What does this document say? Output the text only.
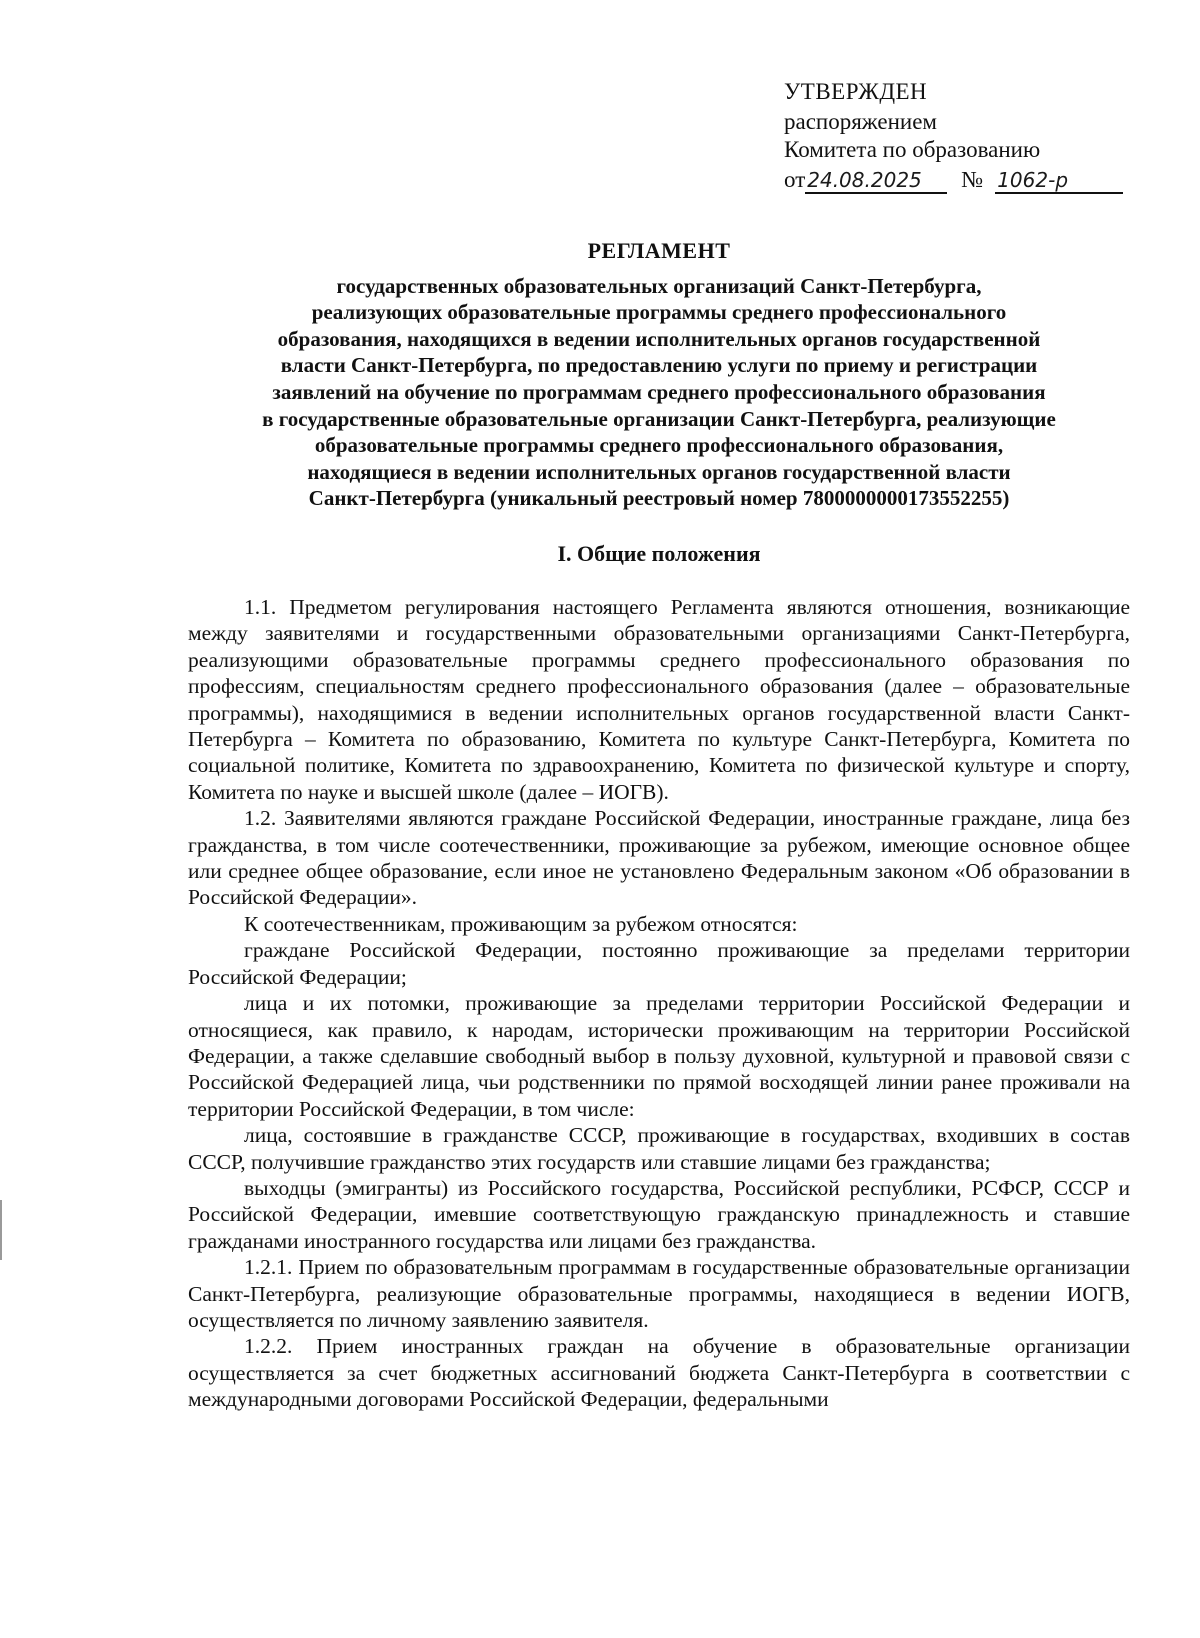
УТВЕРЖДЕН
распоряжением
Комитета по образованию
от 24.08.2025	№ 1062-р
РЕГЛАМЕНТ
государственных образовательных организаций Санкт-Петербурга,
реализующих образовательные программы среднего профессионального
образования, находящихся в ведении исполнительных органов государственной
власти Санкт-Петербурга, по предоставлению услуги по приему и регистрации
заявлений на обучение по программам среднего профессионального образования
в государственные образовательные организации Санкт-Петербурга, реализующие
образовательные программы среднего профессионального образования,
находящиеся в ведении исполнительных органов государственной власти
Санкт-Петербурга (уникальный реестровый номер 7800000000173552255)
I. Общие положения

1.1. Предметом регулирования настоящего Регламента являются отношения, возникающие между заявителями и государственными образовательными организациями Санкт-Петербурга, реализующими образовательные программы среднего профессионального образования по профессиям, специальностям среднего профессионального образования (далее – образовательные программы), находящимися в ведении исполнительных органов государственной власти Санкт-Петербурга – Комитета по образованию, Комитета по культуре Санкт-Петербурга, Комитета по социальной политике, Комитета по здравоохранению, Комитета по физической культуре и спорту, Комитета по науке и высшей школе (далее – ИОГВ).

1.2. Заявителями являются граждане Российской Федерации, иностранные граждане, лица без гражданства, в том числе соотечественники, проживающие за рубежом, имеющие основное общее или среднее общее образование, если иное не установлено Федеральным законом «Об образовании в Российской Федерации».

К соотечественникам, проживающим за рубежом относятся:

граждане Российской Федерации, постоянно проживающие за пределами территории Российской Федерации;

лица и их потомки, проживающие за пределами территории Российской Федерации и относящиеся, как правило, к народам, исторически проживающим на территории Российской Федерации, а также сделавшие свободный выбор в пользу духовной, культурной и правовой связи с Российской Федерацией лица, чьи родственники по прямой восходящей линии ранее проживали на территории Российской Федерации, в том числе:

лица, состоявшие в гражданстве СССР, проживающие в государствах, входивших в состав СССР, получившие гражданство этих государств или ставшие лицами без гражданства;

выходцы (эмигранты) из Российского государства, Российской республики, РСФСР, СССР и Российской Федерации, имевшие соответствующую гражданскую принадлежность и ставшие гражданами иностранного государства или лицами без гражданства.

1.2.1. Прием по образовательным программам в государственные образовательные организации Санкт-Петербурга, реализующие образовательные программы, находящиеся в ведении ИОГВ, осуществляется по личному заявлению заявителя.

1.2.2. Прием иностранных граждан на обучение в образовательные организации осуществляется за счет бюджетных ассигнований бюджета Санкт-Петербурга в соответствии с международными договорами Российской Федерации, федеральными
